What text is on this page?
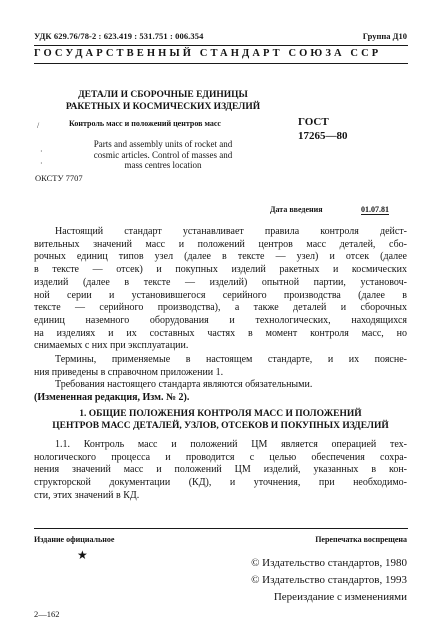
УДК 629.76/78-2 : 623.419 : 531.751 : 006.354	Группа Д10
ГОСУДАРСТВЕННЫЙ СТАНДАРТ СОЮЗА ССР
ДЕТАЛИ И СБОРОЧНЫЕ ЕДИНИЦЫ
РАКЕТНЫХ И КОСМИЧЕСКИХ ИЗДЕЛИЙ
Контроль масс и положений центров масс
Parts and assembly units of rocket and
cosmic articles. Control of masses and
mass centres location
ОКСТУ 7707
ГОСТ
17265—80
/
·
·
Дата введения	01.07.81
Настоящий стандарт устанавливает правила контроля дейст-
вительных значений масс и положений центров масс деталей, сбо-
рочных единиц типов узел (далее в тексте — узел) и отсек (далее
в тексте — отсек) и покупных изделий ракетных и космических
изделий (далее в тексте — изделий) опытной партии, установоч-
ной серии и установившегося серийного производства (далее в
тексте — серийного производства), а также деталей и сборочных
единиц наземного оборудования и технологических, находящихся
на изделиях и их составных частях в момент контроля масс, но
снимаемых с них при эксплуатации.
Термины, применяемые в настоящем стандарте, и их поясне-
ния приведены в справочном приложении 1.
Требования настоящего стандарта являются обязательными.
(Измененная редакция, Изм. № 2).
1. ОБЩИЕ ПОЛОЖЕНИЯ КОНТРОЛЯ МАСС И ПОЛОЖЕНИЙ
ЦЕНТРОВ МАСС ДЕТАЛЕЙ, УЗЛОВ, ОТСЕКОВ И ПОКУПНЫХ ИЗДЕЛИЙ
1.1. Контроль масс и положений ЦМ является операцией тех-
нологического процесса и проводится с целью обеспечения сохра-
нения значений масс и положений ЦМ изделий, указанных в кон-
структорской документации (КД), и уточнения, при необходимо-
сти, этих значений в КД.
Издание официальное	Перепечатка воспрещена
★
© Издательство стандартов, 1980
© Издательство стандартов, 1993
Переиздание с изменениями
2—162
